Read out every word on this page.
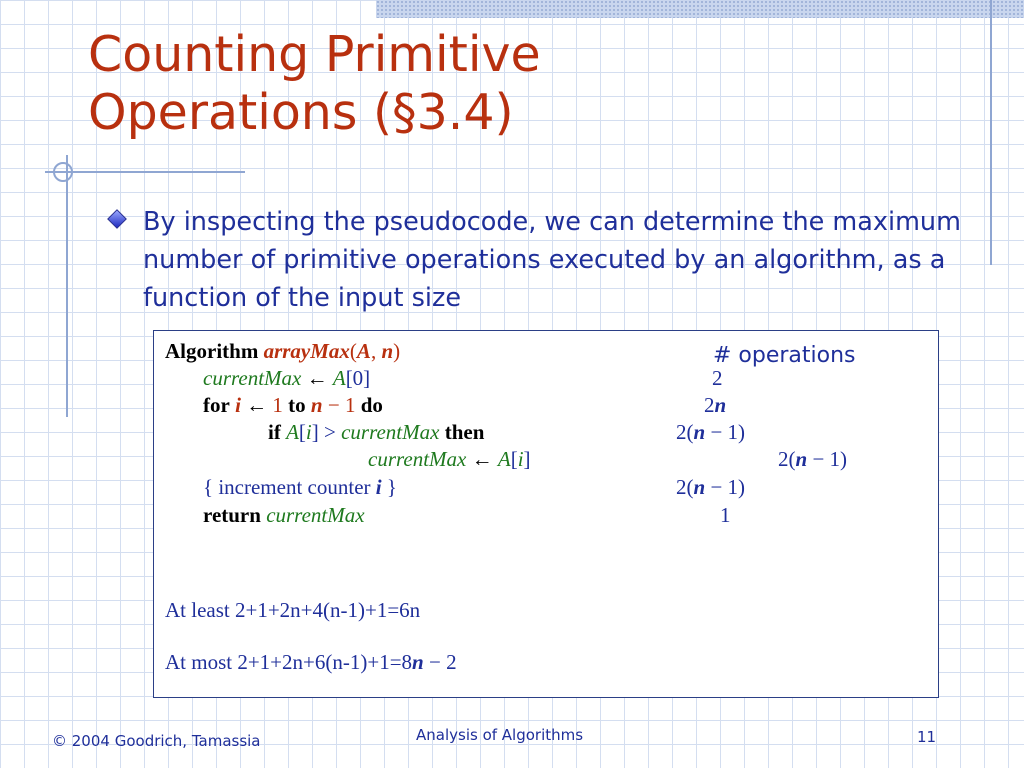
Counting Primitive
Operations (§3.4)

By inspecting the pseudocode, we can determine the maximum number of primitive operations executed by an algorithm, as a function of the input size

Algorithm arrayMax(A, n)	# operations
currentMax ← A[0]	2
for i ← 1 to n − 1 do	2n
if A[i] > currentMax then	2(n − 1)
currentMax ← A[i]	2(n − 1)
{ increment counter i }	2(n − 1)
return currentMax	1
At least 2+1+2n+4(n-1)+1=6n
At most 2+1+2n+6(n-1)+1=8n − 2
© 2004 Goodrich, Tamassia	Analysis of Algorithms	11
